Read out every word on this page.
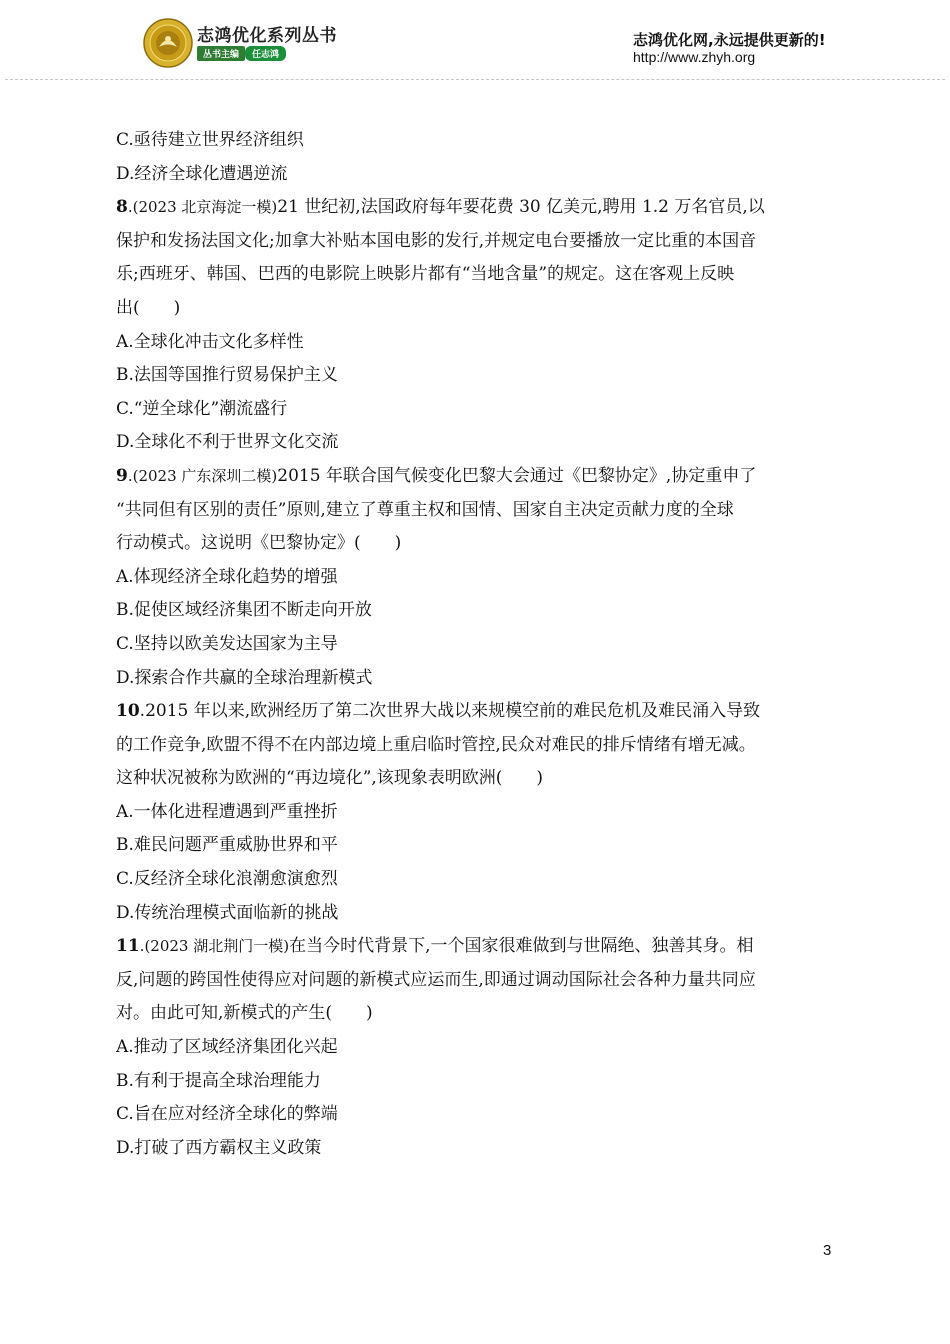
志鸿优化系列丛书
丛书主编	任志鸿
志鸿优化网,永远提供更新的!
http://www.zhyh.org
C.亟待建立世界经济组织
D.经济全球化遭遇逆流
8.(2023 北京海淀一模)21 世纪初,法国政府每年要花费 30 亿美元,聘用 1.2 万名官员,以
保护和发扬法国文化;加拿大补贴本国电影的发行,并规定电台要播放一定比重的本国音
乐;西班牙、韩国、巴西的电影院上映影片都有“当地含量”的规定。这在客观上反映
出(　　)
A.全球化冲击文化多样性
B.法国等国推行贸易保护主义
C.“逆全球化”潮流盛行
D.全球化不利于世界文化交流
9.(2023 广东深圳二模)2015 年联合国气候变化巴黎大会通过《巴黎协定》,协定重申了
“共同但有区别的责任”原则,建立了尊重主权和国情、国家自主决定贡献力度的全球
行动模式。这说明《巴黎协定》(　　)
A.体现经济全球化趋势的增强
B.促使区域经济集团不断走向开放
C.坚持以欧美发达国家为主导
D.探索合作共赢的全球治理新模式
10.2015 年以来,欧洲经历了第二次世界大战以来规模空前的难民危机及难民涌入导致
的工作竞争,欧盟不得不在内部边境上重启临时管控,民众对难民的排斥情绪有增无减。
这种状况被称为欧洲的“再边境化”,该现象表明欧洲(　　)
A.一体化进程遭遇到严重挫折
B.难民问题严重威胁世界和平
C.反经济全球化浪潮愈演愈烈
D.传统治理模式面临新的挑战
11.(2023 湖北荆门一模)在当今时代背景下,一个国家很难做到与世隔绝、独善其身。相
反,问题的跨国性使得应对问题的新模式应运而生,即通过调动国际社会各种力量共同应
对。由此可知,新模式的产生(　　)
A.推动了区域经济集团化兴起
B.有利于提高全球治理能力
C.旨在应对经济全球化的弊端
D.打破了西方霸权主义政策
3
